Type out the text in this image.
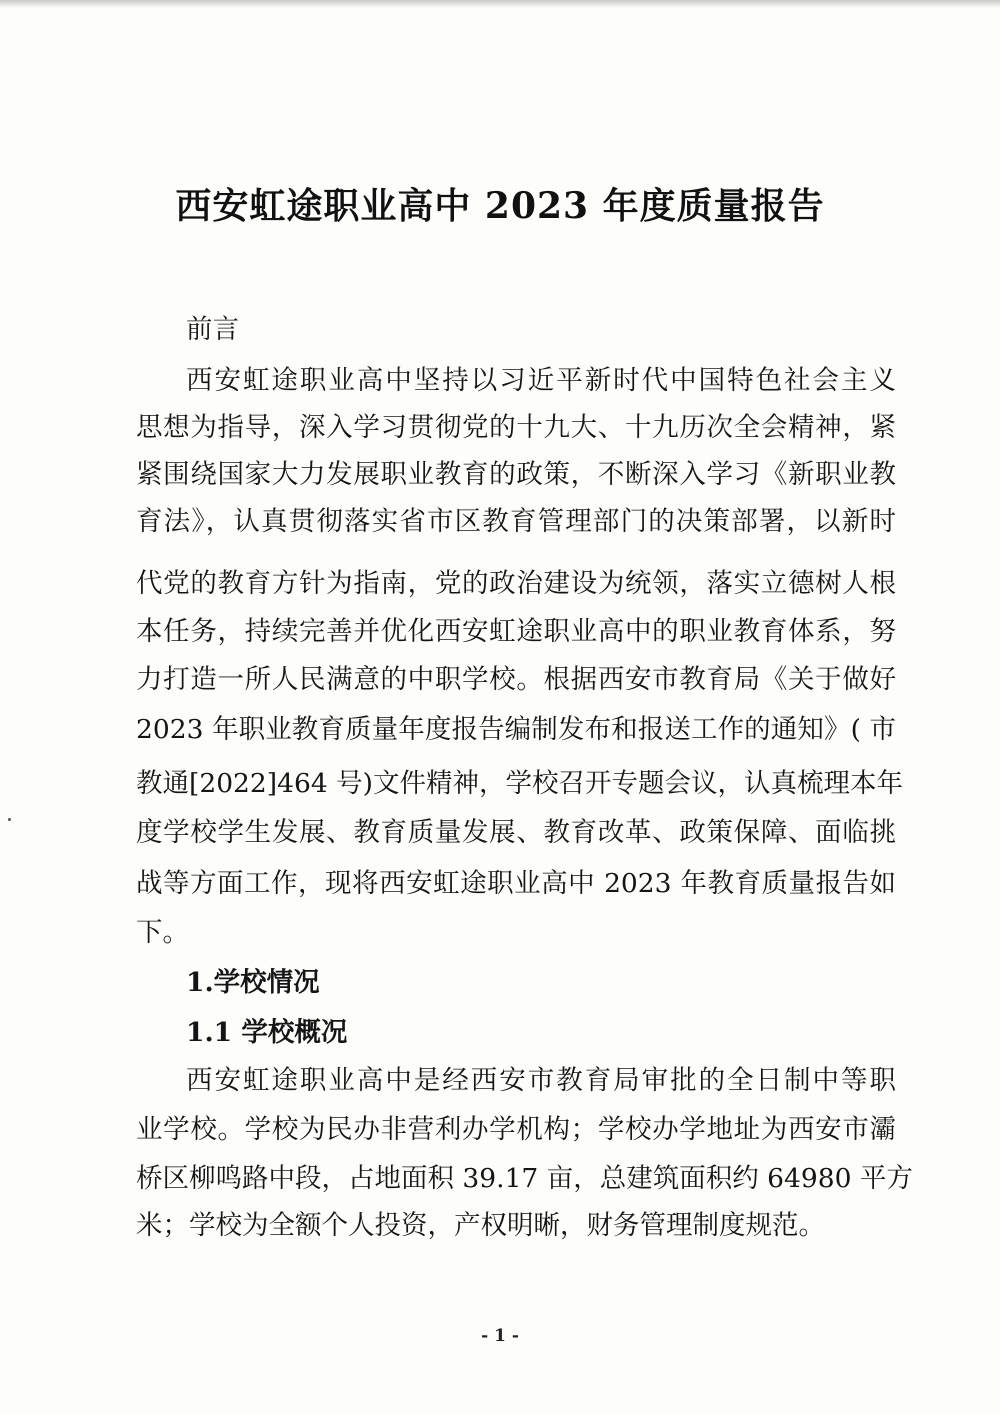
西安虹途职业高中 2023 年度质量报告
前言
西安虹途职业高中坚持以习近平新时代中国特色社会主义
思想为指导，深入学习贯彻党的十九大、十九历次全会精神，紧
紧围绕国家大力发展职业教育的政策，不断深入学习《新职业教
育法》，认真贯彻落实省市区教育管理部门的决策部署，以新时
代党的教育方针为指南，党的政治建设为统领，落实立德树人根
本任务，持续完善并优化西安虹途职业高中的职业教育体系，努
力打造一所人民满意的中职学校。根据西安市教育局《关于做好
2023 年职业教育质量年度报告编制发布和报送工作的通知》( 市
教通[2022]464 号)文件精神，学校召开专题会议，认真梳理本年
度学校学生发展、教育质量发展、教育改革、政策保障、面临挑
战等方面工作，现将西安虹途职业高中 2023 年教育质量报告如
下。
1.学校情况
1.1 学校概况
西安虹途职业高中是经西安市教育局审批的全日制中等职
业学校。学校为民办非营利办学机构；学校办学地址为西安市灞
桥区柳鸣路中段，占地面积 39.17 亩，总建筑面积约 64980 平方
米；学校为全额个人投资，产权明晰，财务管理制度规范。
- 1 -
